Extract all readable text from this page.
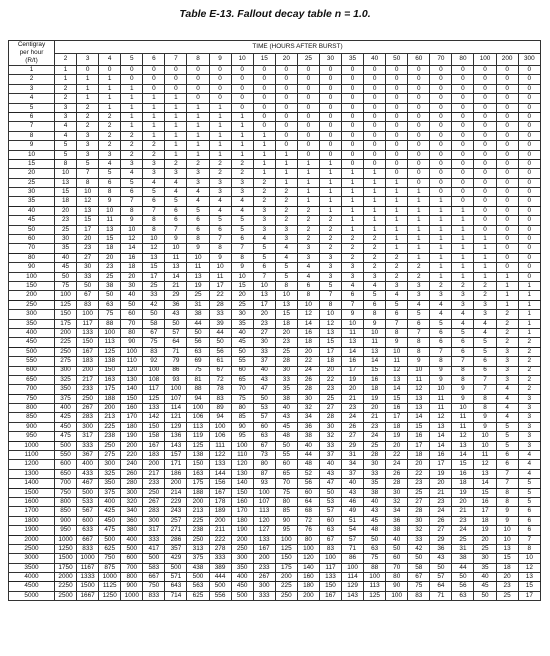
Table E-13. Fallout decay table n = 1.0.
Centigray
per hour
(R/t)	TIME (HOURS AFTER BURST)																					
	2	3	4	5	6	7	8	9	10	15	20	25	30	35	40	50	60	70	80	100	200	300
1	1	0	0	0	0	0	0	0	0	0	0	0	0	0	0	0	0	0	0	0	0	0
2	1	1	1	0	0	0	0	0	0	0	0	0	0	0	0	0	0	0	0	0	0	0
3	2	1	1	1	0	0	0	0	0	0	0	0	0	0	0	0	0	0	0	0	0	0
4	2	1	1	1	1	1	0	0	0	0	0	0	0	0	0	0	0	0	0	0	0	0
5	3	2	1	1	1	1	1	1	0	0	0	0	0	0	0	0	0	0	0	0	0	0
6	3	2	2	1	1	1	1	1	1	0	0	0	0	0	0	0	0	0	0	0	0	0
7	4	2	2	1	1	1	1	1	1	0	0	0	0	0	0	0	0	0	0	0	0	0
8	4	3	2	2	1	1	1	1	1	1	0	0	0	0	0	0	0	0	0	0	0	0
9	5	3	2	2	2	1	1	1	1	1	0	0	0	0	0	0	0	0	0	0	0	0
10	5	3	3	2	2	1	1	1	1	1	1	0	0	0	0	0	0	0	0	0	0	0
15	8	5	4	3	3	2	2	2	2	1	1	1	1	0	0	0	0	0	0	0	0	0
20	10	7	5	4	3	3	3	2	2	1	1	1	1	1	1	0	0	0	0	0	0	0
25	13	8	6	5	4	4	3	3	3	2	1	1	1	1	1	1	0	0	0	0	0	0
30	15	10	8	6	5	4	4	3	3	2	2	1	1	1	1	1	1	0	0	0	0	0
35	18	12	9	7	6	5	4	4	4	2	2	1	1	1	1	1	1	1	0	0	0	0
40	20	13	10	8	7	6	5	4	4	3	2	2	1	1	1	1	1	1	1	0	0	0
45	23	15	11	9	8	6	6	5	5	3	2	2	2	1	1	1	1	1	1	0	0	0
50	25	17	13	10	8	7	6	6	5	3	3	2	2	1	1	1	1	1	1	0	0	0
60	30	20	15	12	10	9	8	7	6	4	3	2	2	2	2	1	1	1	1	1	0	0
70	35	23	18	14	12	10	9	8	7	5	4	3	2	2	2	1	1	1	1	1	0	0
80	40	27	20	16	13	11	10	9	8	5	4	3	3	2	2	2	1	1	1	1	0	0
90	45	30	23	18	15	13	11	10	9	6	5	4	3	3	2	2	2	1	1	1	0	0
100	50	33	25	20	17	14	13	11	10	7	5	4	3	3	3	2	2	1	1	1	1	0
150	75	50	38	30	25	21	19	17	15	10	8	6	5	4	4	3	3	2	2	2	1	1
200	100	67	50	40	33	29	25	22	20	13	10	8	7	6	5	4	3	3	3	2	1	1
250	125	83	63	50	42	36	31	28	25	17	13	10	8	7	6	5	4	4	3	3	1	1
300	150	100	75	60	50	43	38	33	30	20	15	12	10	9	8	6	5	4	4	3	2	1
350	175	117	88	70	58	50	44	39	35	23	18	14	12	10	9	7	6	5	4	4	2	1
400	200	133	100	80	67	57	50	44	40	27	20	16	13	11	10	8	7	6	5	4	2	1
450	225	150	113	90	75	64	56	50	45	30	23	18	15	13	11	9	8	6	6	5	2	2
500	250	167	125	100	83	71	63	56	50	33	25	20	17	14	13	10	8	7	6	5	3	2
550	275	183	138	110	92	79	69	61	55	37	28	22	18	16	14	11	9	8	7	6	3	2
600	300	200	150	120	100	86	75	67	60	40	30	24	20	17	15	12	10	9	8	6	3	2
650	325	217	163	130	108	93	81	72	65	43	33	26	22	19	16	13	11	9	8	7	3	2
700	350	233	175	140	117	100	88	78	70	47	35	28	23	20	18	14	12	10	9	7	4	2
750	375	250	188	150	125	107	94	83	75	50	38	30	25	21	19	15	13	11	9	8	4	3
800	400	267	200	160	133	114	100	89	80	53	40	32	27	23	20	16	13	11	10	8	4	3
850	425	283	213	170	142	121	106	94	85	57	43	34	28	24	21	17	14	12	11	9	4	3
900	450	300	225	180	150	129	113	100	90	60	45	36	30	26	23	18	15	13	11	9	5	3
950	475	317	238	190	158	136	119	106	95	63	48	38	32	27	24	19	16	14	12	10	5	3
1000	500	333	250	200	167	143	125	111	100	67	50	40	33	29	25	20	17	14	13	10	5	3
1100	550	367	275	220	183	157	138	122	110	73	55	44	37	31	28	22	18	16	14	11	6	4
1200	600	400	300	240	200	171	150	133	120	80	60	48	40	34	30	24	20	17	15	12	6	4
1300	650	433	325	260	217	186	163	144	130	87	65	52	43	37	33	26	22	19	16	13	7	4
1400	700	467	350	280	233	200	175	156	140	93	70	56	47	40	35	28	23	20	18	14	7	5
1500	750	500	375	300	250	214	188	167	150	100	75	60	50	43	38	30	25	21	19	15	8	5
1600	800	533	400	320	267	229	200	178	160	107	80	64	53	46	40	32	27	23	20	16	8	5
1700	850	567	425	340	283	243	213	189	170	113	85	68	57	49	43	34	28	24	21	17	9	6
1800	900	600	450	360	300	257	225	200	180	120	90	72	60	51	45	36	30	26	23	18	9	6
1900	950	633	475	380	317	271	238	211	190	127	95	76	63	54	48	38	32	27	24	19	10	6
2000	1000	667	500	400	333	286	250	222	200	133	100	80	67	57	50	40	33	29	25	20	10	7
2500	1250	833	625	500	417	357	313	278	250	167	125	100	83	71	63	50	42	36	31	25	13	8
3000	1500	1000	750	600	500	429	375	333	300	200	150	120	100	86	75	60	50	43	38	30	15	10
3500	1750	1167	875	700	583	500	438	389	350	233	175	140	117	100	88	70	58	50	44	35	18	12
4000	2000	1333	1000	800	667	571	500	444	400	267	200	160	133	114	100	80	67	57	50	40	20	13
4500	2250	1500	1125	900	750	643	563	500	450	300	225	180	150	129	113	90	75	64	56	45	23	15
5000	2500	1667	1250	1000	833	714	625	556	500	333	250	200	167	143	125	100	83	71	63	50	25	17
